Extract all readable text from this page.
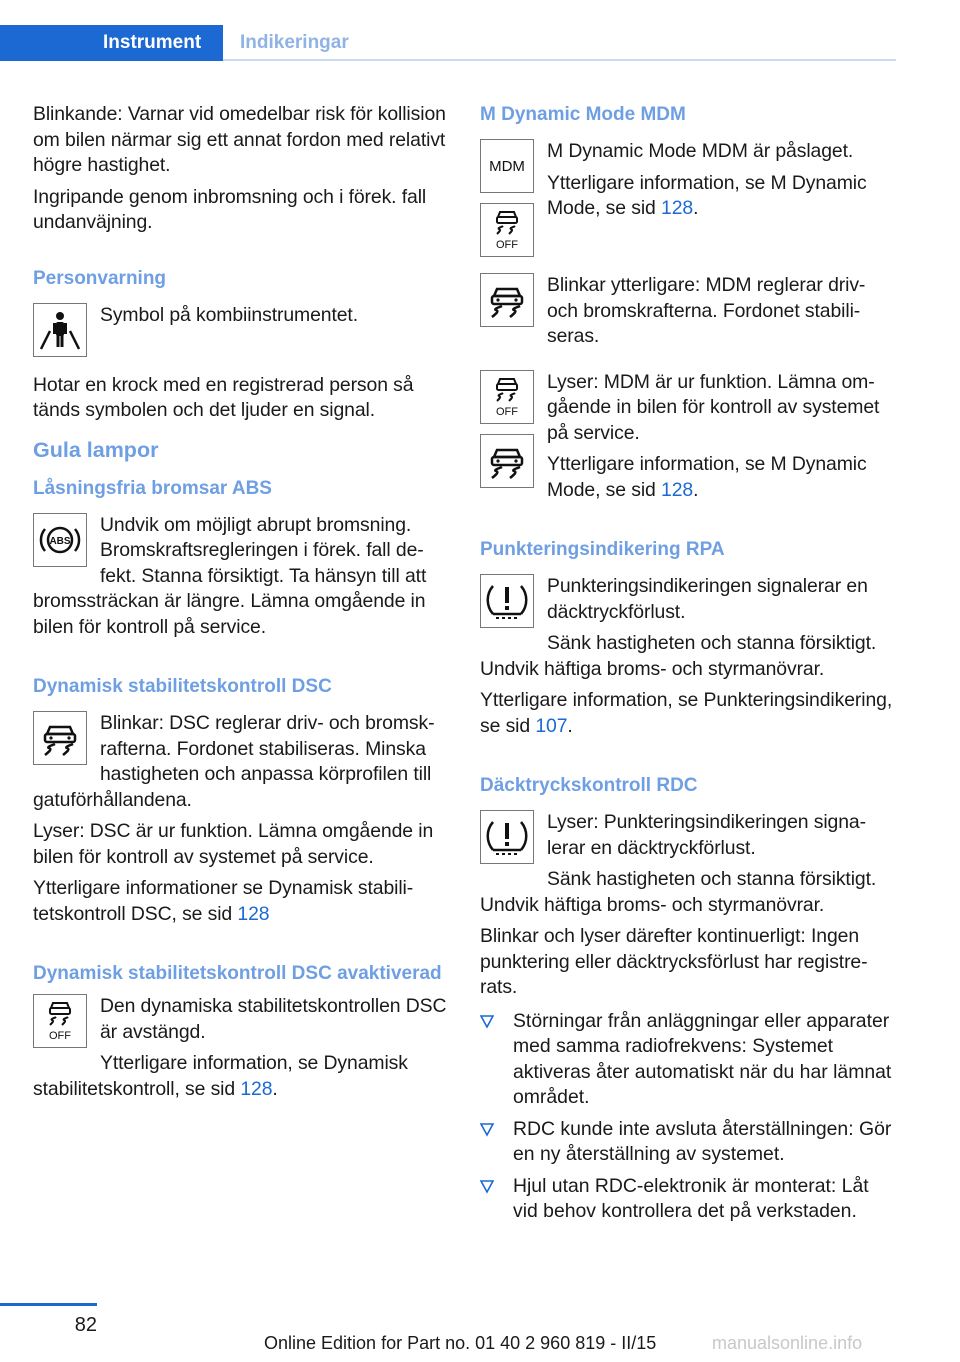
Instrument	Indikeringar

Blinkande: Varnar vid omedelbar risk för kollision om bilen närmar sig ett annat fordon med relativt högre hastighet.

Ingripande genom inbromsning och i förek. fall undanväjning.

Personvarning

Symbol på kombiinstrumentet.

Hotar en krock med en registrerad person så tänds symbolen och det ljuder en signal.

Gula lampor
Låsningsfria bromsar ABS
ABS

Undvik om möjligt abrupt bromsning. Bromskraftsregleringen i förek. fall defekt. Stanna försiktigt. Ta hänsyn till att bromssträckan är längre. Lämna omgående in bilen för kontroll på service.

Dynamisk stabilitetskontroll DSC

Blinkar: DSC reglerar driv- och bromskrafterna. Fordonet stabiliseras. Minska hastigheten och anpassa körprofilen till gatuförhållandena.

Lyser: DSC är ur funktion. Lämna omgående in bilen för kontroll av systemet på service.

Ytterligare informationer se Dynamisk stabilitetskontroll DSC, se sid 128

Dynamisk stabilitetskontroll DSC avaktiverad
OFF

Den dynamiska stabilitetskontrollen DSC är avstängd.

Ytterligare information, se Dynamisk stabilitetskontroll, se sid 128.

M Dynamic Mode MDM
MDM
OFF

M Dynamic Mode MDM är påslaget.

Ytterligare information, se M Dynamic Mode, se sid 128.

Blinkar ytterligare: MDM reglerar driv- och bromskrafterna. Fordonet stabiliseras.

OFF

Lyser: MDM är ur funktion. Lämna omgående in bilen för kontroll av systemet på service.

Ytterligare information, se M Dynamic Mode, se sid 128.

Punkteringsindikering RPA

Punkteringsindikeringen signalerar en däcktryckförlust.

Sänk hastigheten och stanna försiktigt. Undvik häftiga broms- och styrmanövrar.

Ytterligare information, se Punkteringsindikering, se sid 107.

Däcktryckskontroll RDC

Lyser: Punkteringsindikeringen signalerar en däcktryckförlust.

Sänk hastigheten och stanna försiktigt. Undvik häftiga broms- och styrmanövrar.

Blinkar och lyser därefter kontinuerligt: Ingen punktering eller däcktrycksförlust har registrerats.

Störningar från anläggningar eller apparater med samma radiofrekvens: Systemet aktiveras åter automatiskt när du har lämnat området.
RDC kunde inte avsluta återställningen: Gör en ny återställning av systemet.
Hjul utan RDC-elektronik är monterat: Låt vid behov kontrollera det på verkstaden.
82
Online Edition for Part no. 01 40 2 960 819 - II/15	manualsonline.info
